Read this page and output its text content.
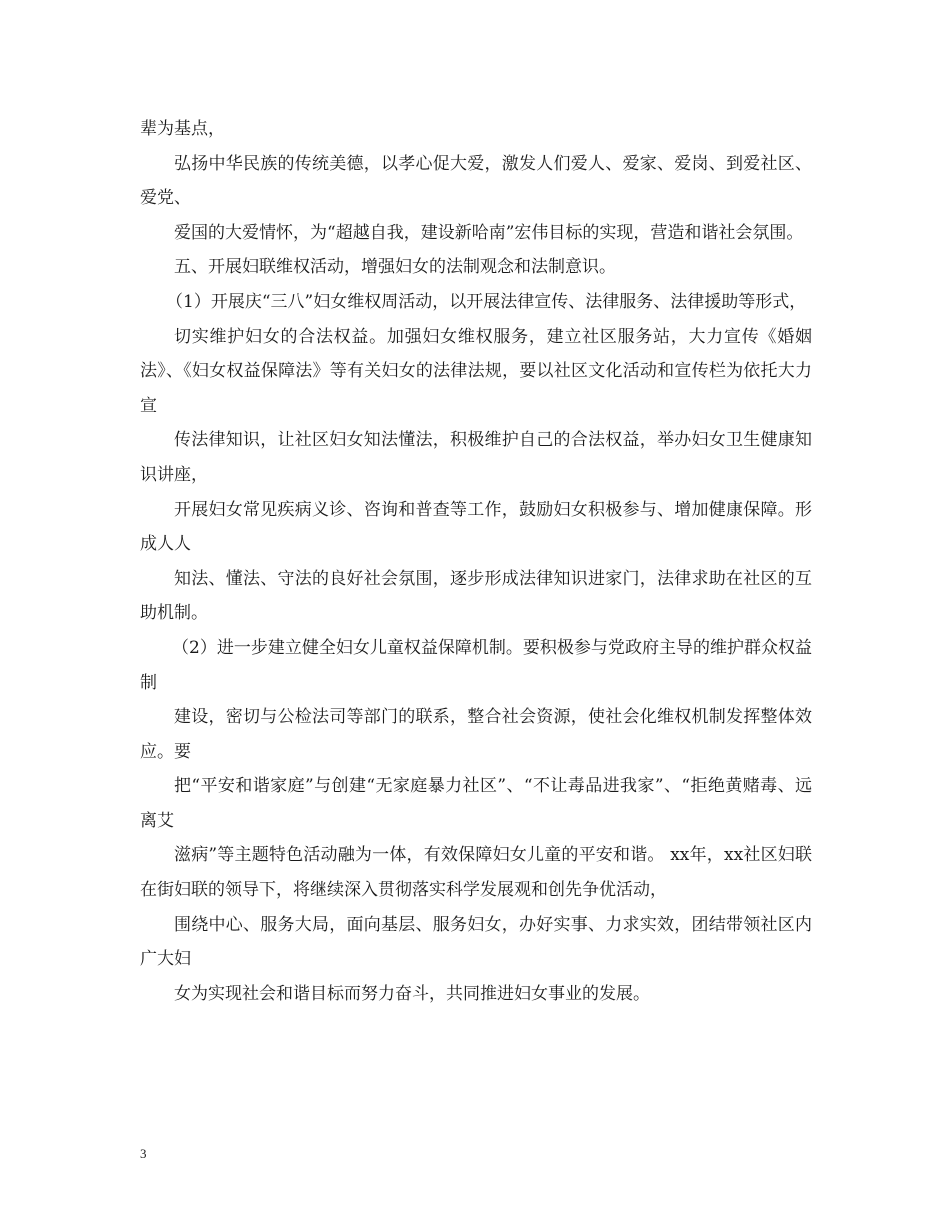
辈为基点，

弘扬中华民族的传统美德，以孝心促大爱，激发人们爱人、爱家、爱岗、到爱社区、爱党、

爱国的大爱情怀，为“超越自我，建设新哈南”宏伟目标的实现，营造和谐社会氛围。

五、开展妇联维权活动，增强妇女的法制观念和法制意识。

（1）开展庆“三八”妇女维权周活动，以开展法律宣传、法律服务、法律援助等形式，

切实维护妇女的合法权益。加强妇女维权服务，建立社区服务站，大力宣传《婚姻法》、《妇女权益保障法》等有关妇女的法律法规，要以社区文化活动和宣传栏为依托大力宣

传法律知识，让社区妇女知法懂法，积极维护自己的合法权益，举办妇女卫生健康知识讲座，

开展妇女常见疾病义诊、咨询和普查等工作，鼓励妇女积极参与、增加健康保障。形成人人

知法、懂法、守法的良好社会氛围，逐步形成法律知识进家门，法律求助在社区的互助机制。

（2）进一步建立健全妇女儿童权益保障机制。要积极参与党政府主导的维护群众权益制

建设，密切与公检法司等部门的联系，整合社会资源，使社会化维权机制发挥整体效应。要

把“平安和谐家庭”与创建“无家庭暴力社区”、“不让毒品进我家”、“拒绝黄赌毒、远离艾

滋病”等主题特色活动融为一体，有效保障妇女儿童的平安和谐。 xx年，xx社区妇联在街妇联的领导下，将继续深入贯彻落实科学发展观和创先争优活动，

围绕中心、服务大局，面向基层、服务妇女，办好实事、力求实效，团结带领社区内广大妇

女为实现社会和谐目标而努力奋斗，共同推进妇女事业的发展。

3
